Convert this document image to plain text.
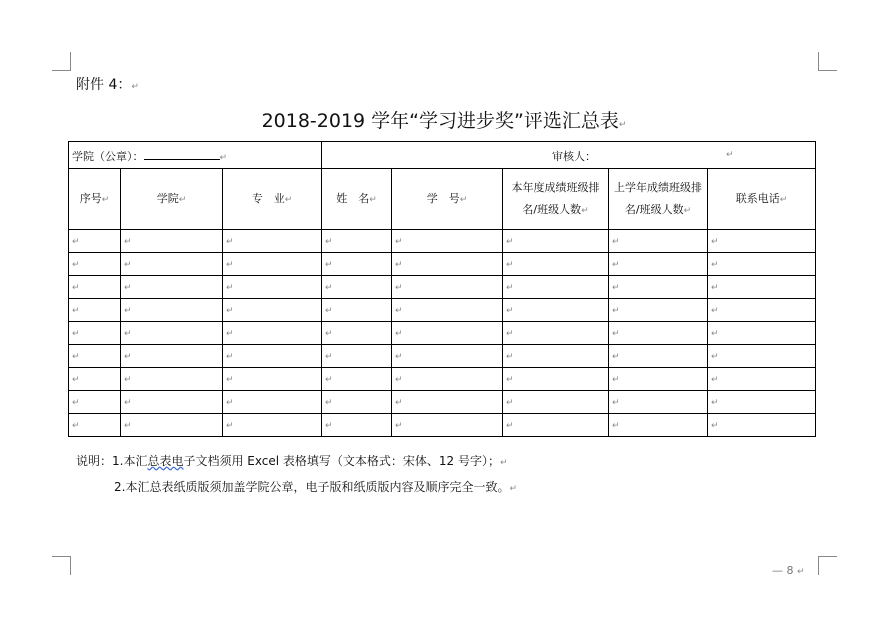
附件 4：↵
2018-2019 学年“学习进步奖”评选汇总表↵
学院（公章）： ↵			审核人： ↵				

序号↵	学院↵	专　业↵	姓　名↵	学　号↵	本年度成绩班级排名/班级人数↵	上学年成绩班级排名/班级人数↵	联系电话↵
↵	↵	↵	↵	↵	↵	↵	↵
↵	↵	↵	↵	↵	↵	↵	↵
↵	↵	↵	↵	↵	↵	↵	↵
↵	↵	↵	↵	↵	↵	↵	↵
↵	↵	↵	↵	↵	↵	↵	↵
↵	↵	↵	↵	↵	↵	↵	↵
↵	↵	↵	↵	↵	↵	↵	↵
↵	↵	↵	↵	↵	↵	↵	↵
↵	↵	↵	↵	↵	↵	↵	↵
说明：1.本汇总表电子文档须用 Excel 表格填写（文本格式：宋体、12 号字）；↵
2.本汇总表纸质版须加盖学院公章，电子版和纸质版内容及顺序完全一致。↵
— 8 ↵
